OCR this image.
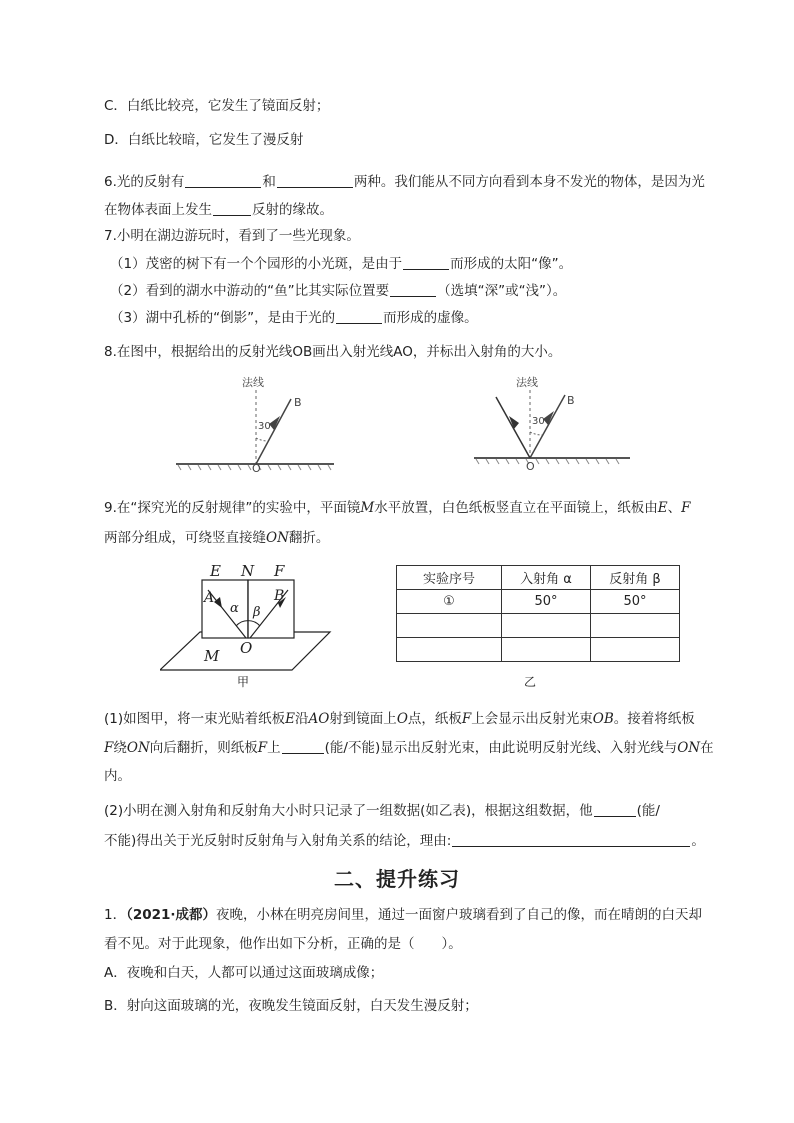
C．白纸比较亮，它发生了镜面反射；
D．白纸比较暗，它发生了漫反射
6.光的反射有	和	两种。我们能从不同方向看到本身不发光的物体，是因为光
在物体表面上发生	反射的缘故。
7.小明在湖边游玩时，看到了一些光现象。
（1）茂密的树下有一个个园形的小光斑，是由于	而形成的太阳“像”。
（2）看到的湖水中游动的“鱼”比其实际位置要	（选填“深”或“浅”）。
（3）湖中孔桥的“倒影”，是由于光的	而形成的虚像。
8.在图中，根据给出的反射光线OB画出入射光线AO，并标出入射角的大小。
法线
30°
B
O
法线
30°
B
O
9.在“探究光的反射规律”的实验中，平面镜M水平放置，白色纸板竖直立在平面镜上，纸板由E、F
两部分组成，可绕竖直接缝ON翻折。
E N F
A	B
α β
O
M
甲
实验序号	入射角 α	反射角 β
①	50°	50°

乙
(1)如图甲，将一束光贴着纸板E沿AO射到镜面上O点，纸板F上会显示出反射光束OB。接着将纸板
F绕ON向后翻折，则纸板F上	(能/不能)显示出反射光束，由此说明反射光线、入射光线与ON在
内。
(2)小明在测入射角和反射角大小时只记录了一组数据(如乙表)，根据这组数据，他	(能/
不能)得出关于光反射时反射角与入射角关系的结论，理由:	。
二、提升练习
1．（2021·成都）夜晚，小林在明亮房间里，通过一面窗户玻璃看到了自己的像，而在晴朗的白天却
看不见。对于此现象，他作出如下分析，正确的是（　　）。
A．夜晚和白天，人都可以通过这面玻璃成像；
B．射向这面玻璃的光，夜晚发生镜面反射，白天发生漫反射；
